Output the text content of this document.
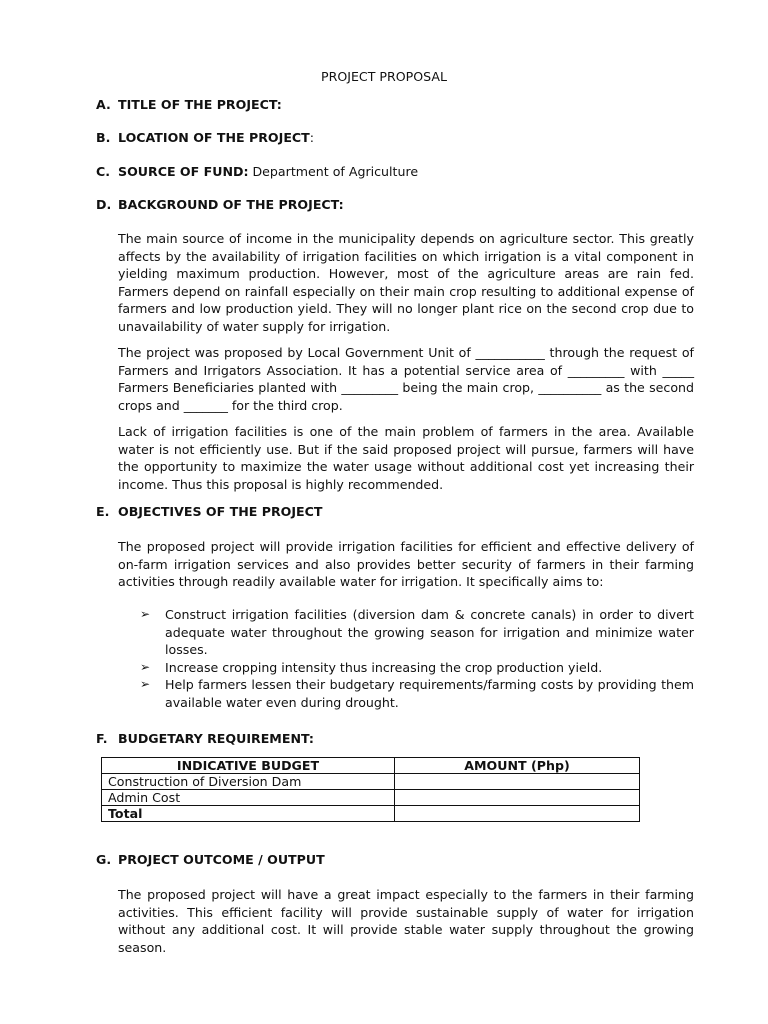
PROJECT PROPOSAL
A. TITLE OF THE PROJECT:
B. LOCATION OF THE PROJECT:
C. SOURCE OF FUND: Department of Agriculture
D. BACKGROUND OF THE PROJECT:

The main source of income in the municipality depends on agriculture sector. This greatly affects by the availability of irrigation facilities on which irrigation is a vital component in yielding maximum production. However, most of the agriculture areas are rain fed. Farmers depend on rainfall especially on their main crop resulting to additional expense of farmers and low production yield. They will no longer plant rice on the second crop due to unavailability of water supply for irrigation.

The project was proposed by Local Government Unit of ___________ through the request of Farmers and Irrigators Association. It has a potential service area of _________ with _____ Farmers Beneficiaries planted with _________ being the main crop, __________ as the second crops and _______ for the third crop.

Lack of irrigation facilities is one of the main problem of farmers in the area. Available water is not efficiently use. But if the said proposed project will pursue, farmers will have the opportunity to maximize the water usage without additional cost yet increasing their income. Thus this proposal is highly recommended.

E. OBJECTIVES OF THE PROJECT

The proposed project will provide irrigation facilities for efficient and effective delivery of on-farm irrigation services and also provides better security of farmers in their farming activities through readily available water for irrigation. It specifically aims to:

➢ Construct irrigation facilities (diversion dam & concrete canals) in order to divert adequate water throughout the growing season for irrigation and minimize water losses.
➢ Increase cropping intensity thus increasing the crop production yield.
➢ Help farmers lessen their budgetary requirements/farming costs by providing them available water even during drought.
F. BUDGETARY REQUIREMENT:
INDICATIVE BUDGET	AMOUNT (Php)
Construction of Diversion Dam	
Admin Cost	
Total	
G. PROJECT OUTCOME / OUTPUT

The proposed project will have a great impact especially to the farmers in their farming activities. This efficient facility will provide sustainable supply of water for irrigation without any additional cost. It will provide stable water supply throughout the growing season.
